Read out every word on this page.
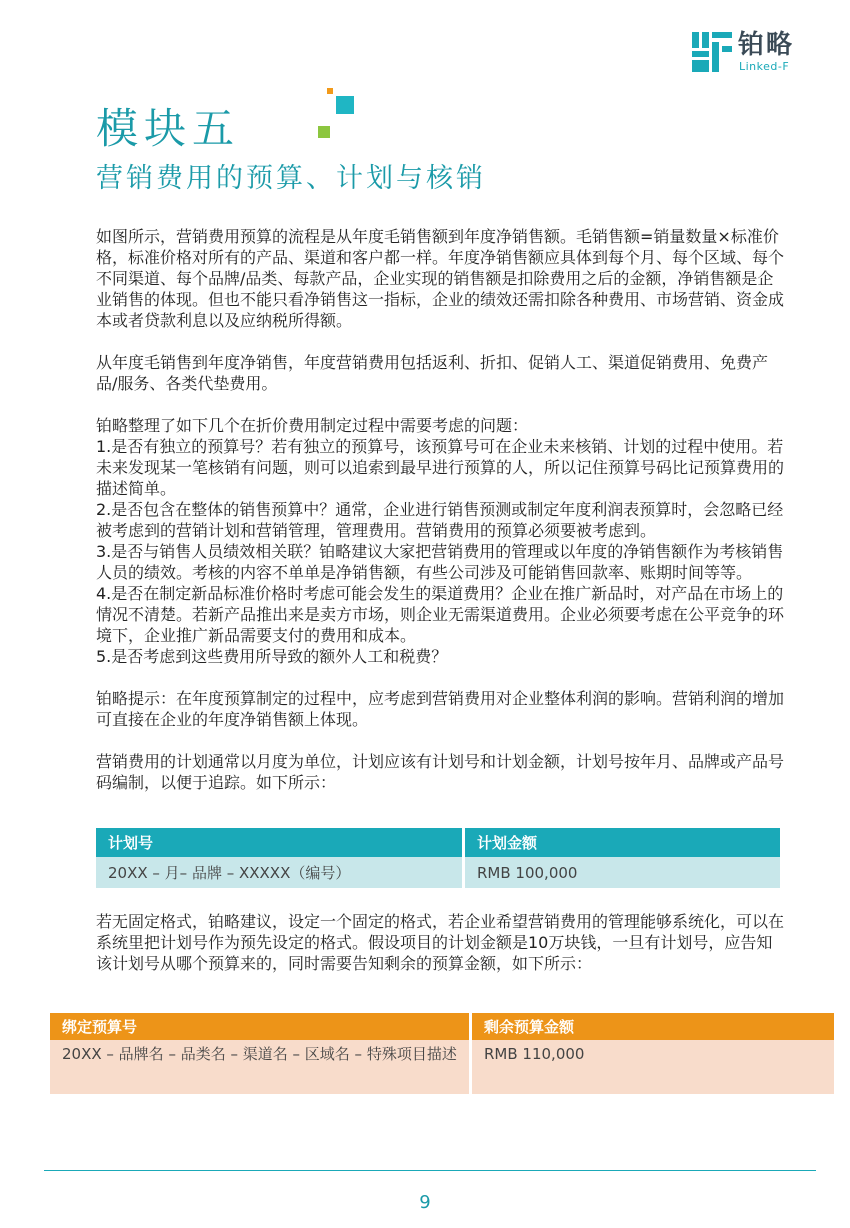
铂略
Linked-F
模块五
营销费用的预算、计划与核销

如图所示，营销费用预算的流程是从年度毛销售额到年度净销售额。毛销售额=销量数量×标准价格，标准价格对所有的产品、渠道和客户都一样。年度净销售额应具体到每个月、每个区域、每个不同渠道、每个品牌/品类、每款产品，企业实现的销售额是扣除费用之后的金额，净销售额是企业销售的体现。但也不能只看净销售这一指标，企业的绩效还需扣除各种费用、市场营销、资金成本或者贷款利息以及应纳税所得额。

从年度毛销售到年度净销售，年度营销费用包括返利、折扣、促销人工、渠道促销费用、免费产品/服务、各类代垫费用。

铂略整理了如下几个在折价费用制定过程中需要考虑的问题：

1.是否有独立的预算号？若有独立的预算号，该预算号可在企业未来核销、计划的过程中使用。若未来发现某一笔核销有问题，则可以追索到最早进行预算的人，所以记住预算号码比记预算费用的描述简单。

2.是否包含在整体的销售预算中？通常，企业进行销售预测或制定年度利润表预算时，会忽略已经被考虑到的营销计划和营销管理，管理费用。营销费用的预算必须要被考虑到。

3.是否与销售人员绩效相关联？铂略建议大家把营销费用的管理或以年度的净销售额作为考核销售人员的绩效。考核的内容不单单是净销售额，有些公司涉及可能销售回款率、账期时间等等。

4.是否在制定新品标准价格时考虑可能会发生的渠道费用？企业在推广新品时，对产品在市场上的情况不清楚。若新产品推出来是卖方市场，则企业无需渠道费用。企业必须要考虑在公平竞争的环境下，企业推广新品需要支付的费用和成本。

5.是否考虑到这些费用所导致的额外人工和税费？

铂略提示：在年度预算制定的过程中，应考虑到营销费用对企业整体利润的影响。营销利润的增加可直接在企业的年度净销售额上体现。

营销费用的计划通常以月度为单位，计划应该有计划号和计划金额，计划号按年月、品牌或产品号码编制，以便于追踪。如下所示：

计划号	计划金额
20XX – 月– 品牌 – XXXXX（编号）	RMB 100,000

若无固定格式，铂略建议，设定一个固定的格式，若企业希望营销费用的管理能够系统化，可以在系统里把计划号作为预先设定的格式。假设项目的计划金额是10万块钱，一旦有计划号，应告知该计划号从哪个预算来的，同时需要告知剩余的预算金额，如下所示：

绑定预算号	剩余预算金额
20XX – 品牌名 – 品类名 – 渠道名 – 区域名 – 特殊项目描述	RMB 110,000
9
